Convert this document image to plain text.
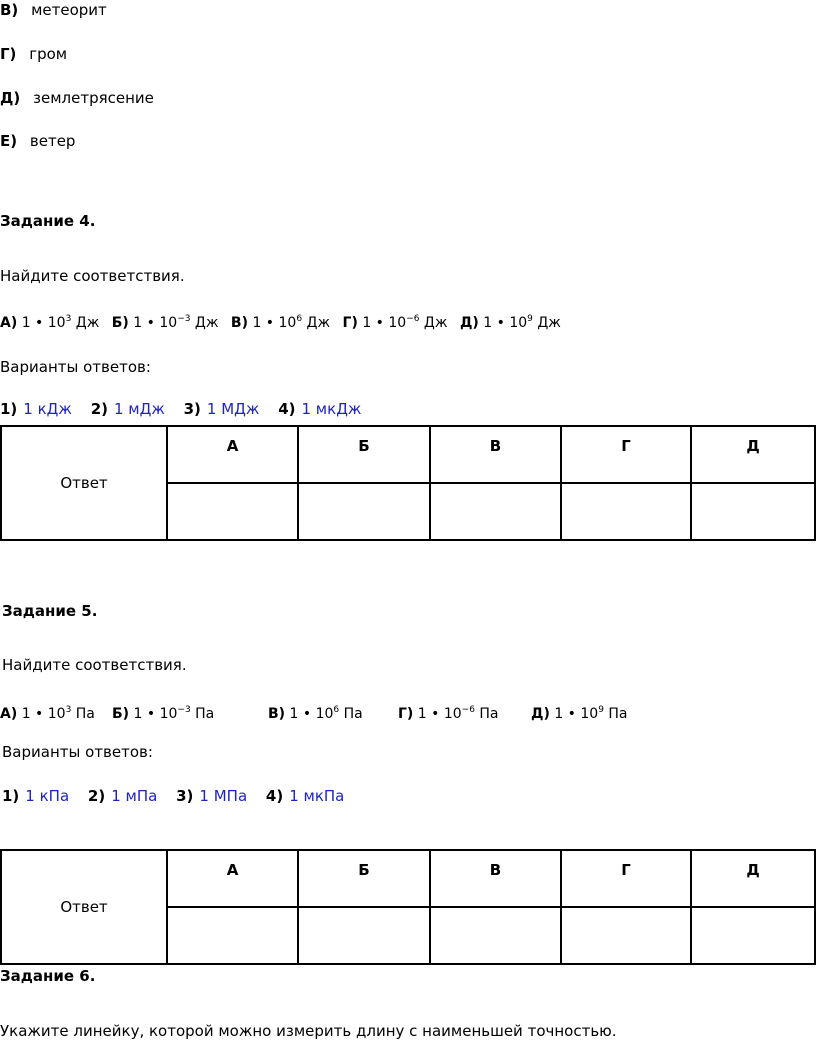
В) метеорит
Г) гром
Д) землетрясение
Е) ветер
Задание 4.
Найдите соответствия.
А) 1 • $10^3$ Дж Б) 1 • $10^{-3}$ Дж В) 1 • $10^6$ Дж Г) 1 • $10^{-6}$ Дж Д) 1 • $10^9$ Дж
Варианты ответов:
1) 1 кДж 2) 1 мДж 3) 1 МДж 4) 1 мкДж
Ответ	А	Б	В	Г	Д

Задание 5.
Найдите соответствия.
А) 1 • $10^3$ Па Б) 1 • $10^{-3}$ Па	В) 1 • $10^6$ Па	Г) 1 • $10^{-6}$ Па Д) 1 • $10^9$ Па
Варианты ответов:
1) 1 кПа 2) 1 мПа 3) 1 МПа 4) 1 мкПа
Ответ	А	Б	В	Г	Д

Задание 6.
Укажите линейку, которой можно измерить длину с наименьшей точностью.
